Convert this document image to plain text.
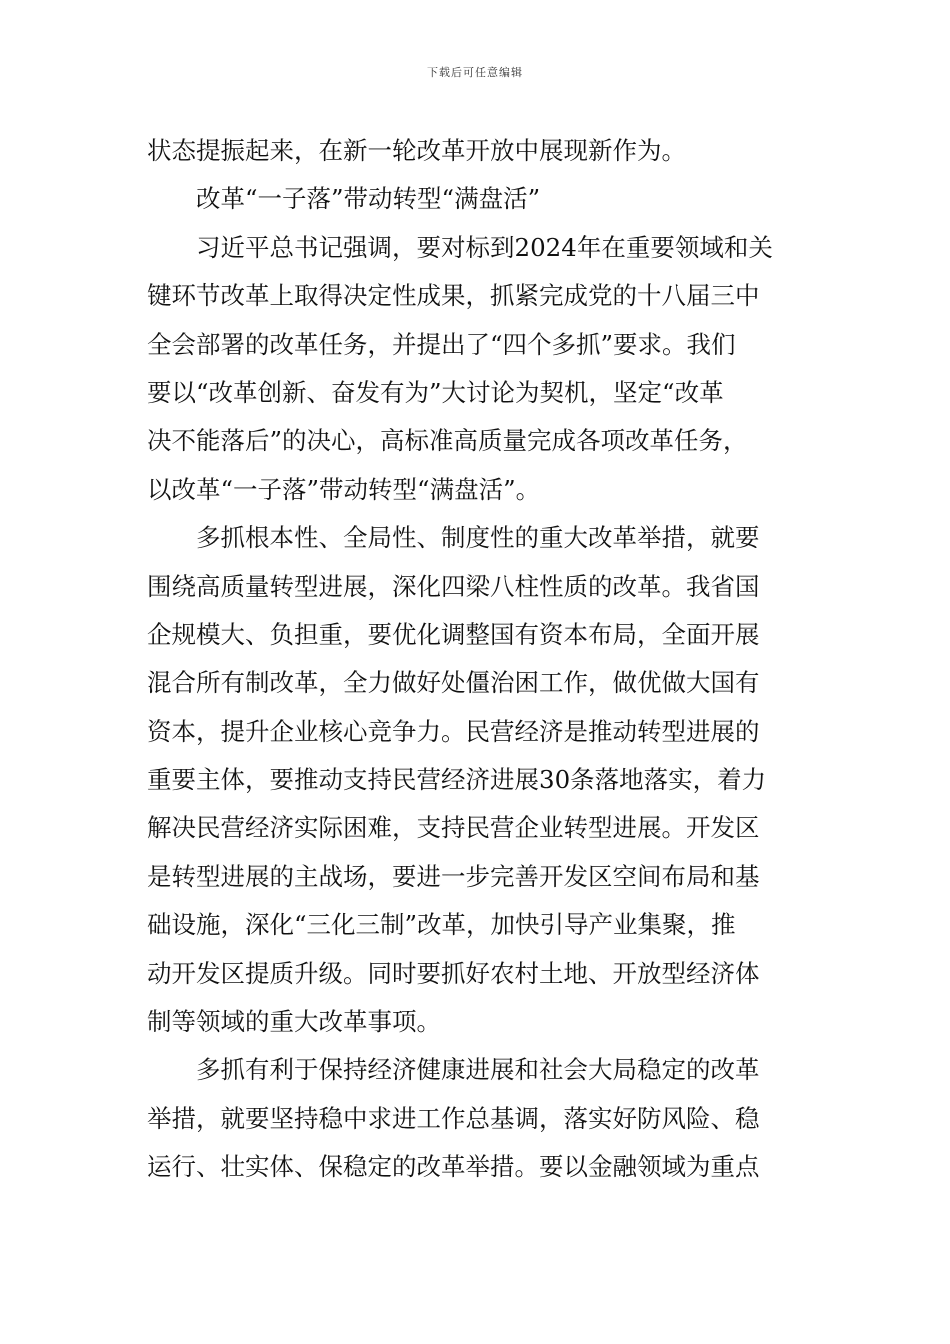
下载后可任意编辑
状态提振起来，在新一轮改革开放中展现新作为。
改革“一子落”带动转型“满盘活”
习近平总书记强调，要对标到2024年在重要领域和关
键环节改革上取得决定性成果，抓紧完成党的十八届三中
全会部署的改革任务，并提出了“四个多抓”要求。我们
要以“改革创新、奋发有为”大讨论为契机，坚定“改革
决不能落后”的决心，高标准高质量完成各项改革任务，
以改革“一子落”带动转型“满盘活”。
多抓根本性、全局性、制度性的重大改革举措，就要
围绕高质量转型进展，深化四梁八柱性质的改革。我省国
企规模大、负担重，要优化调整国有资本布局，全面开展
混合所有制改革，全力做好处僵治困工作，做优做大国有
资本，提升企业核心竞争力。民营经济是推动转型进展的
重要主体，要推动支持民营经济进展30条落地落实，着力
解决民营经济实际困难，支持民营企业转型进展。开发区
是转型进展的主战场，要进一步完善开发区空间布局和基
础设施，深化“三化三制”改革，加快引导产业集聚，推
动开发区提质升级。同时要抓好农村土地、开放型经济体
制等领域的重大改革事项。
多抓有利于保持经济健康进展和社会大局稳定的改革
举措，就要坚持稳中求进工作总基调，落实好防风险、稳
运行、壮实体、保稳定的改革举措。要以金融领域为重点
